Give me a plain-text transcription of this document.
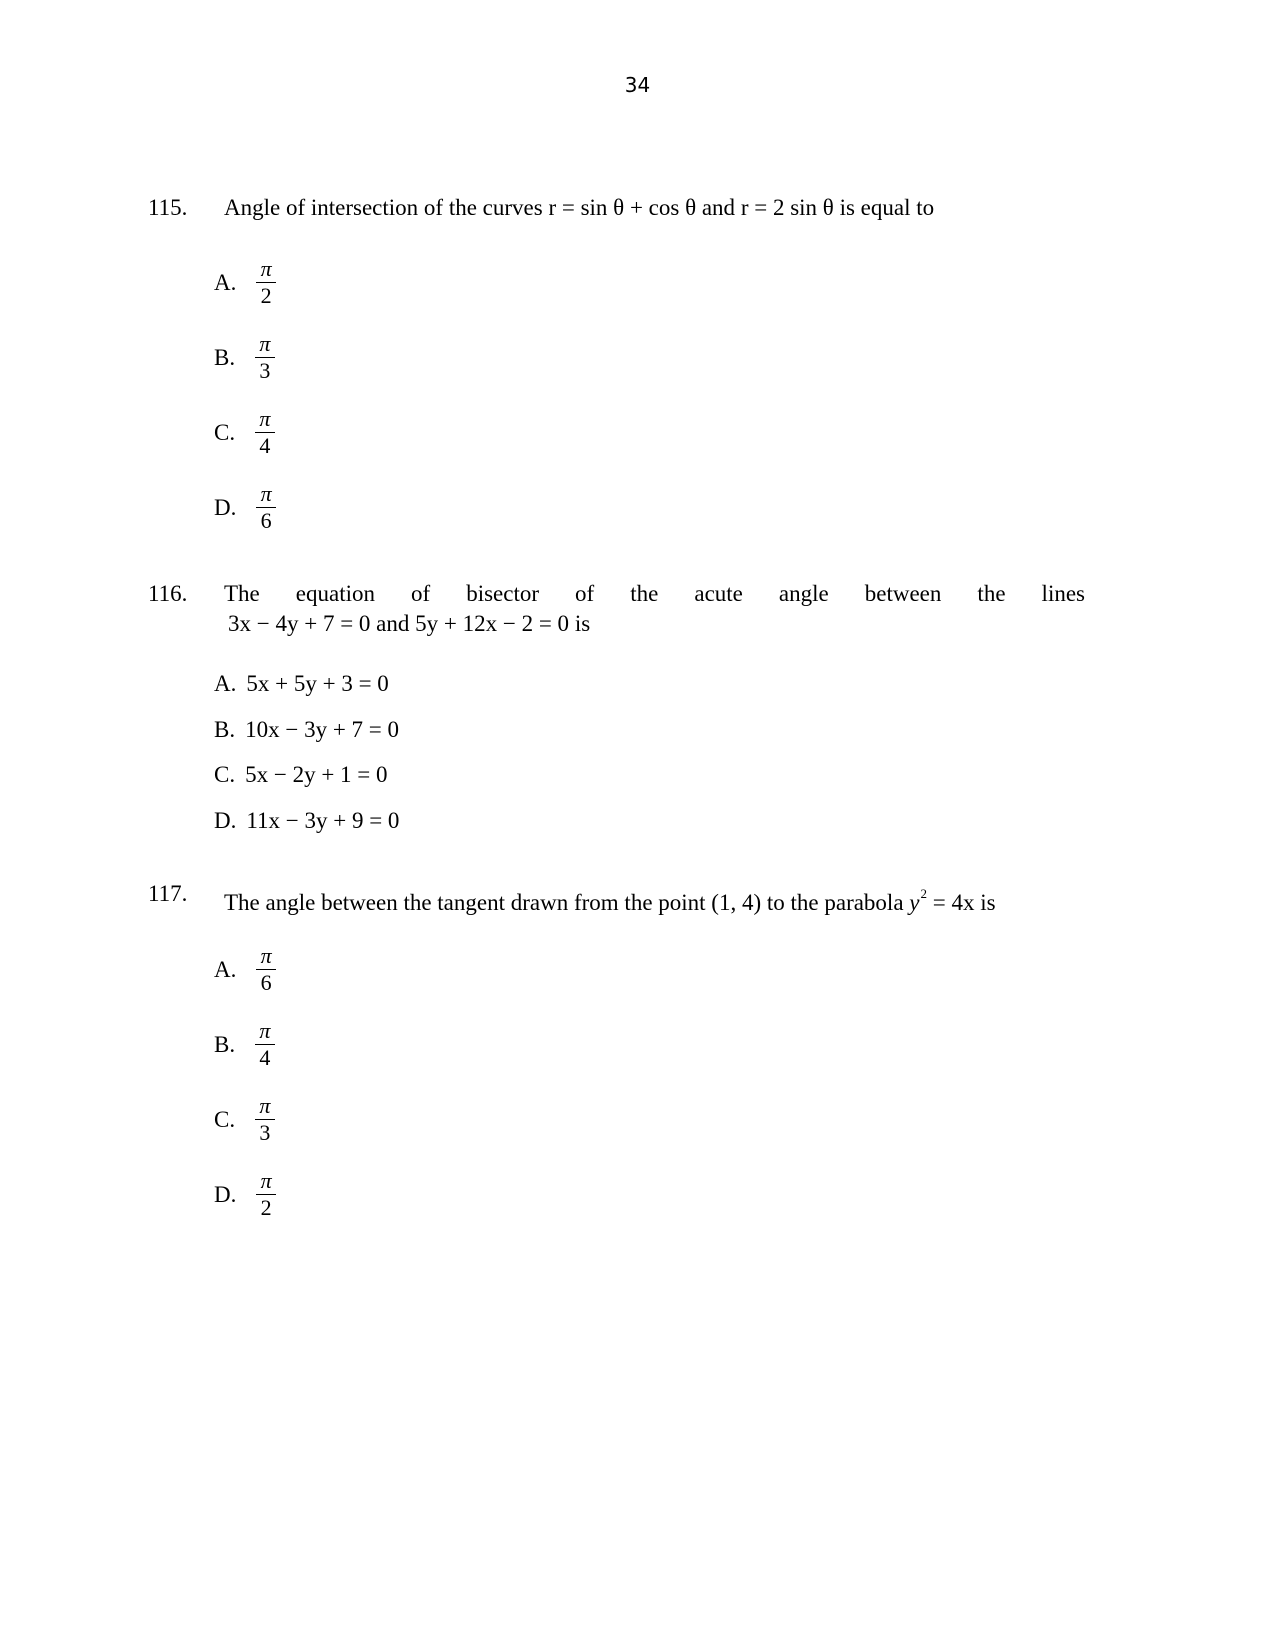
34
115. Angle of intersection of the curves r = sin θ + cos θ and r = 2 sin θ is equal to
A. $\frac{\pi}{2}$
B. $\frac{\pi}{3}$
C. $\frac{\pi}{4}$
D. $\frac{\pi}{6}$
116. The equation of bisector of the acute angle between the lines
3x − 4y + 7 = 0 and 5y + 12x − 2 = 0 is
A. 5x + 5y + 3 = 0
B. 10x − 3y + 7 = 0
C. 5x − 2y + 1 = 0
D. 11x − 3y + 9 = 0
117. The angle between the tangent drawn from the point (1, 4) to the parabola $y^2 = 4x$ is
A. $\frac{\pi}{6}$
B. $\frac{\pi}{4}$
C. $\frac{\pi}{3}$
D. $\frac{\pi}{2}$
